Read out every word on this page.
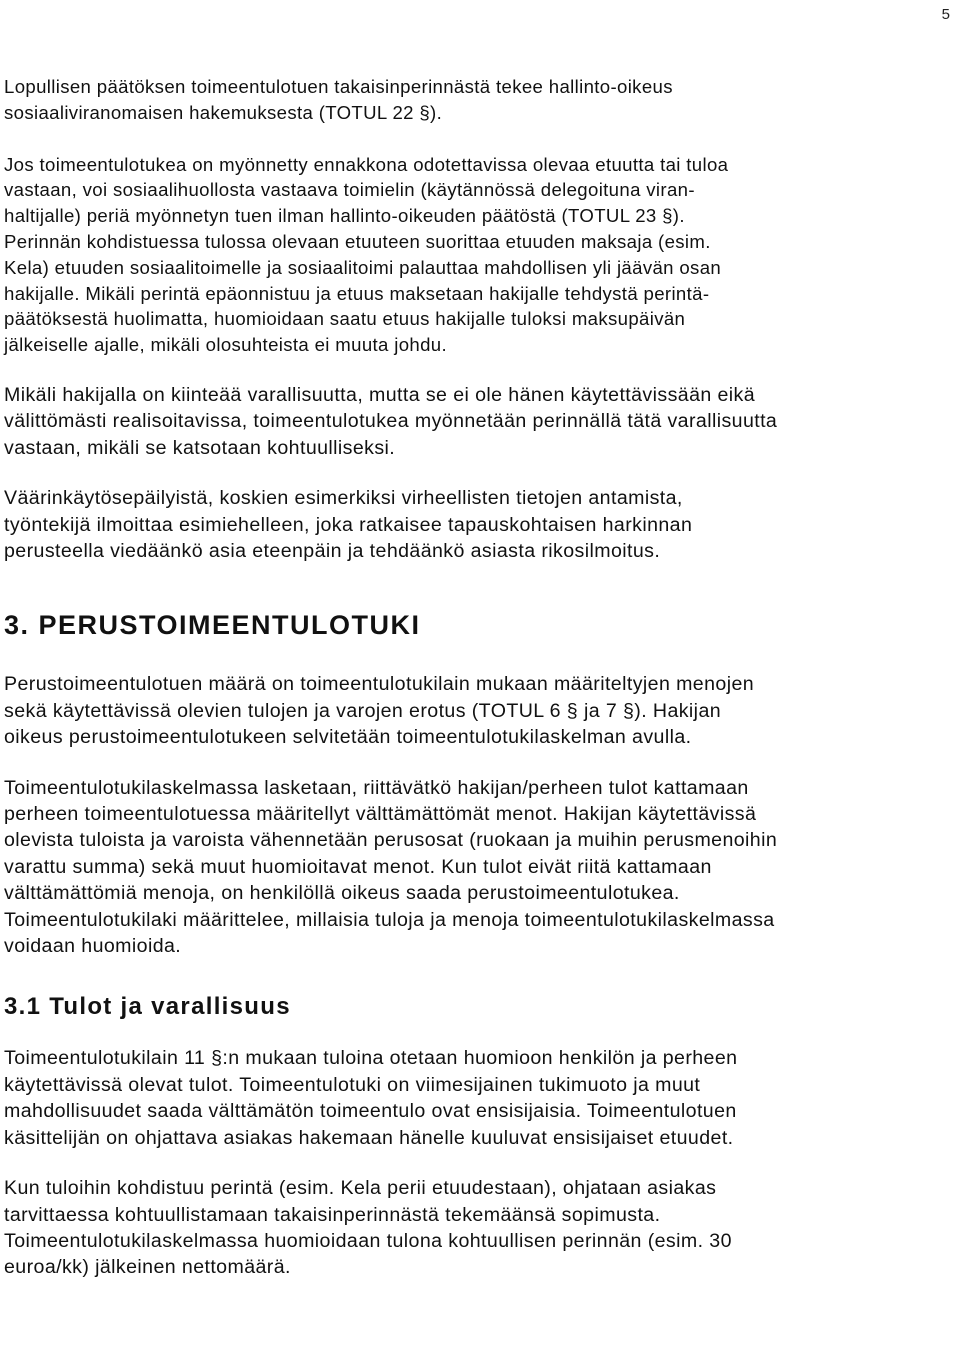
5

Lopullisen päätöksen toimeentulotuen takaisinperinnästä tekee hallinto-oikeus
sosiaaliviranomaisen hakemuksesta (TOTUL 22 §).

Jos toimeentulotukea on myönnetty ennakkona odotettavissa olevaa etuutta tai tuloa
vastaan, voi sosiaalihuollosta vastaava toimielin (käytännössä delegoituna viran-
haltijalle) periä myönnetyn tuen ilman hallinto-oikeuden päätöstä (TOTUL 23 §).
Perinnän kohdistuessa tulossa olevaan etuuteen suorittaa etuuden maksaja (esim.
Kela) etuuden sosiaalitoimelle ja sosiaalitoimi palauttaa mahdollisen yli jäävän osan
hakijalle. Mikäli perintä epäonnistuu ja etuus maksetaan hakijalle tehdystä perintä-
päätöksestä huolimatta, huomioidaan saatu etuus hakijalle tuloksi maksupäivän
jälkeiselle ajalle, mikäli olosuhteista ei muuta johdu.

Mikäli hakijalla on kiinteää varallisuutta, mutta se ei ole hänen käytettävissään eikä
välittömästi realisoitavissa, toimeentulotukea myönnetään perinnällä tätä varallisuutta
vastaan, mikäli se katsotaan kohtuulliseksi.

Väärinkäytösepäilyistä, koskien esimerkiksi virheellisten tietojen antamista,
työntekijä ilmoittaa esimiehelleen, joka ratkaisee tapauskohtaisen harkinnan
perusteella viedäänkö asia eteenpäin ja tehdäänkö asiasta rikosilmoitus.

3. PERUSTOIMEENTULOTUKI

Perustoimeentulotuen määrä on toimeentulotukilain mukaan määriteltyjen menojen
sekä käytettävissä olevien tulojen ja varojen erotus (TOTUL 6 § ja 7 §). Hakijan
oikeus perustoimeentulotukeen selvitetään toimeentulotukilaskelman avulla.

Toimeentulotukilaskelmassa lasketaan, riittävätkö hakijan/perheen tulot kattamaan
perheen toimeentulotuessa määritellyt välttämättömät menot. Hakijan käytettävissä
olevista tuloista ja varoista vähennetään perusosat (ruokaan ja muihin perusmenoihin
varattu summa) sekä muut huomioitavat menot. Kun tulot eivät riitä kattamaan
välttämättömiä menoja, on henkilöllä oikeus saada perustoimeentulotukea.
Toimeentulotukilaki määrittelee, millaisia tuloja ja menoja toimeentulotukilaskelmassa
voidaan huomioida.

3.1 Tulot ja varallisuus

Toimeentulotukilain 11 §:n mukaan tuloina otetaan huomioon henkilön ja perheen
käytettävissä olevat tulot. Toimeentulotuki on viimesijainen tukimuoto ja muut
mahdollisuudet saada välttämätön toimeentulo ovat ensisijaisia. Toimeentulotuen
käsittelijän on ohjattava asiakas hakemaan hänelle kuuluvat ensisijaiset etuudet.

Kun tuloihin kohdistuu perintä (esim. Kela perii etuudestaan), ohjataan asiakas
tarvittaessa kohtuullistamaan takaisinperinnästä tekemäänsä sopimusta.
Toimeentulotukilaskelmassa huomioidaan tulona kohtuullisen perinnän (esim. 30
euroa/kk) jälkeinen nettomäärä.
